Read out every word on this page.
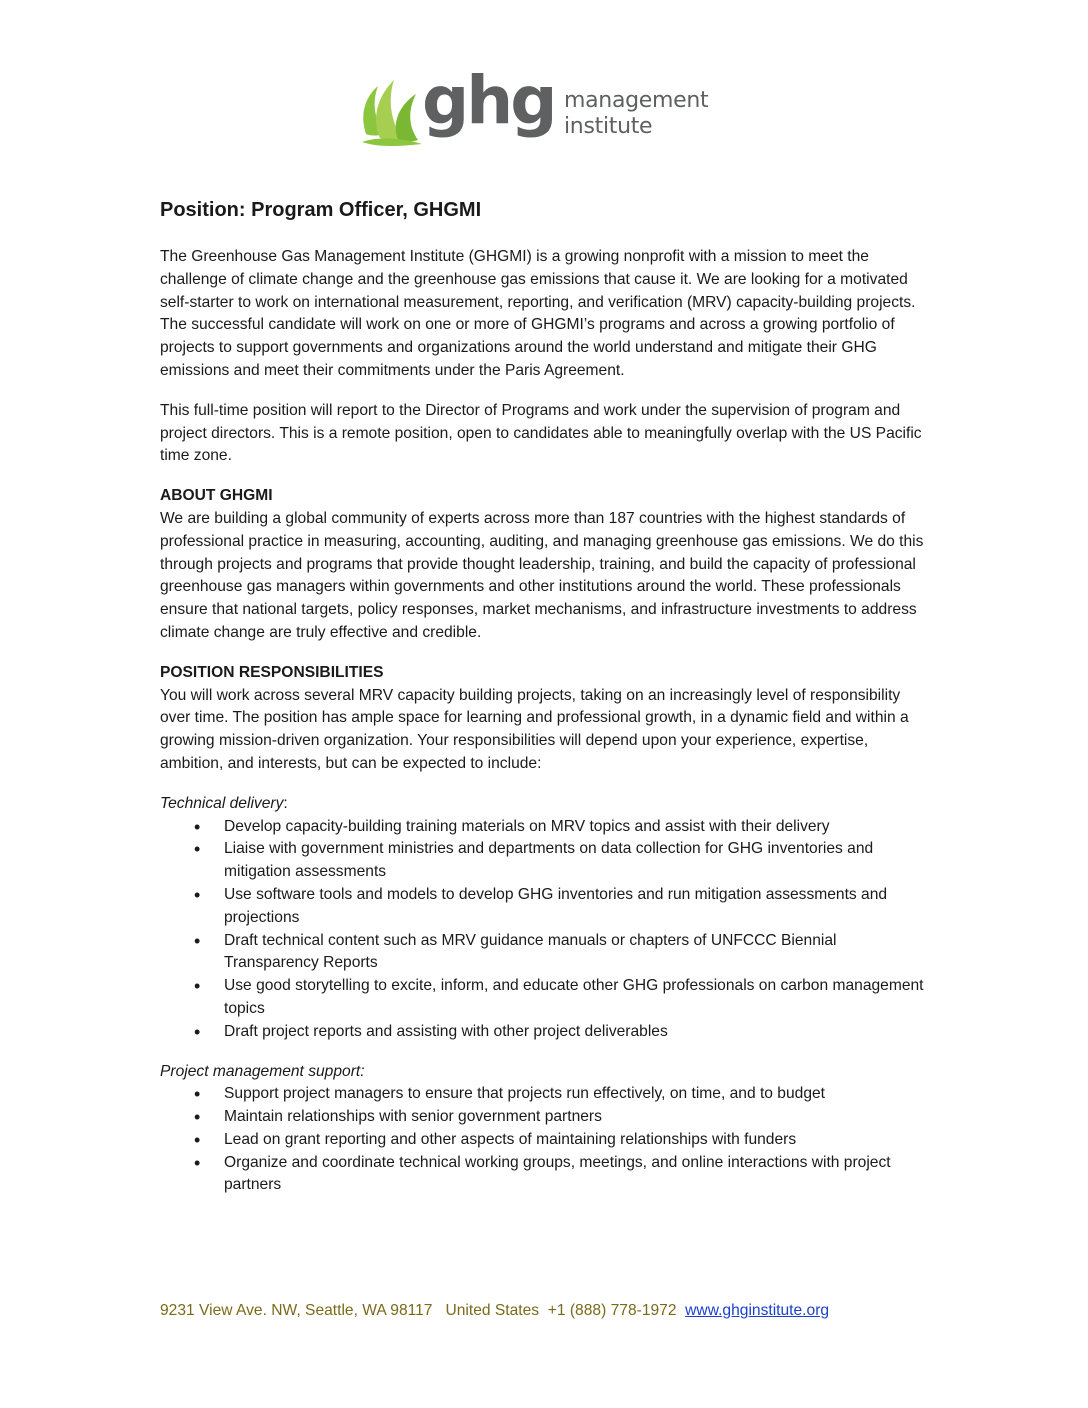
ghg management
institute
Position: Program Officer, GHGMI

The Greenhouse Gas Management Institute (GHGMI) is a growing nonprofit with a mission to meet the challenge of climate change and the greenhouse gas emissions that cause it. We are looking for a motivated self-starter to work on international measurement, reporting, and verification (MRV) capacity-building projects. The successful candidate will work on one or more of GHGMI’s programs and across a growing portfolio of projects to support governments and organizations around the world understand and mitigate their GHG emissions and meet their commitments under the Paris Agreement.

This full-time position will report to the Director of Programs and work under the supervision of program and project directors. This is a remote position, open to candidates able to meaningfully overlap with the US Pacific time zone.

ABOUT GHGMI
We are building a global community of experts across more than 187 countries with the highest standards of professional practice in measuring, accounting, auditing, and managing greenhouse gas emissions. We do this through projects and programs that provide thought leadership, training, and build the capacity of professional greenhouse gas managers within governments and other institutions around the world. These professionals ensure that national targets, policy responses, market mechanisms, and infrastructure investments to address climate change are truly effective and credible.

POSITION RESPONSIBILITIES
You will work across several MRV capacity building projects, taking on an increasingly level of responsibility over time. The position has ample space for learning and professional growth, in a dynamic field and within a growing mission-driven organization. Your responsibilities will depend upon your experience, expertise, ambition, and interests, but can be expected to include:

Technical delivery:
• Develop capacity-building training materials on MRV topics and assist with their delivery
• Liaise with government ministries and departments on data collection for GHG inventories and mitigation assessments
• Use software tools and models to develop GHG inventories and run mitigation assessments and projections
• Draft technical content such as MRV guidance manuals or chapters of UNFCCC Biennial Transparency Reports
• Use good storytelling to excite, inform, and educate other GHG professionals on carbon management topics
• Draft project reports and assisting with other project deliverables
Project management support:
• Support project managers to ensure that projects run effectively, on time, and to budget
• Maintain relationships with senior government partners
• Lead on grant reporting and other aspects of maintaining relationships with funders
• Organize and coordinate technical working groups, meetings, and online interactions with project partners
9231 View Ave. NW, Seattle, WA 98117   United States  +1 (888) 778-1972  www.ghginstitute.org
